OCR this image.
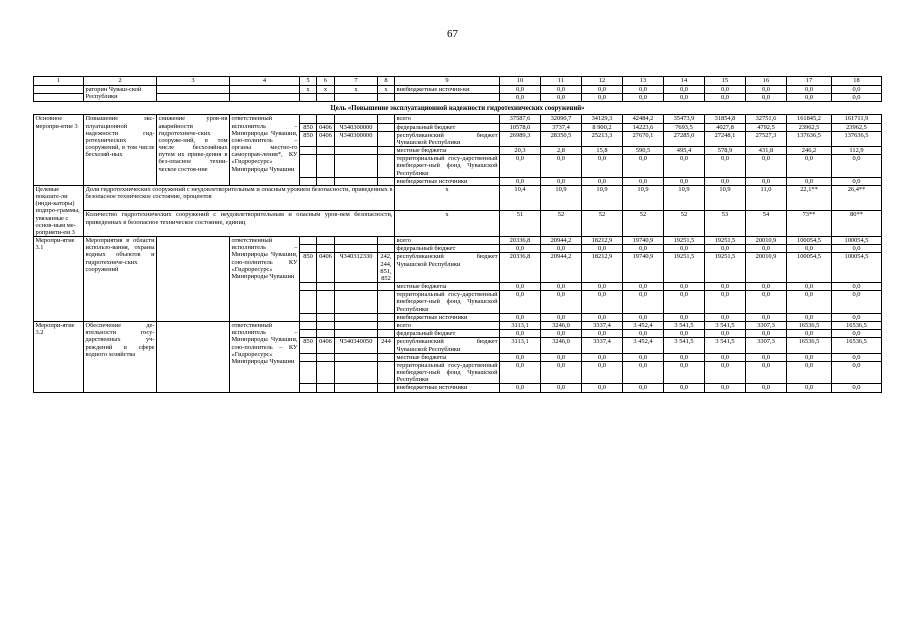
67
1	2	3	4	5	6	7	8	9	10	11	12	13	14	15	16	17	18
	раторин Чуваш-ской Республики			x	x	x	x	внебюджетные источни-ки	0,0	0,0	0,0	0,0	0,0	0,0	0,0	0,0	0,0
									0,0	0,0	0,0	0,0	0,0	0,0	0,0	0,0	0,0
Цель «Повышение эксплуатационной надежности гидротехнических сооружений»																	
Основное меропри-ятие 3	Повышение экс-плуатационной надежности гид-ротехнических сооружений, в том числе бесхозяй-ных	снижение уров-ня аварийности гидротехниче-ских сооруже-ний, в том числе бесхозяйных путем их приве-дения в без-опасное техни-ческое состоя-ние	ответственный исполнитель – Минприроды Чувашии, сою-полнитель – органы местно-го самоуправ-ления*, КУ «Гидроресурс» Минприроды Чувашии					всего	37587,6	32090,7	34129,3	42484,2	35473,9	31854,8	32751,6	161845,2	161711,9
				850	0406	Ч340300000		федеральный бюджет	10578,0	3737,4	8 900,2	14223,6	7693,5	4027,8	4792,5	23962,5	23962,5
				850	0406	Ч340300000		республиканский бюджет Чувашской Республики	26989,3	28350,5	25213,3	27670,1	27285,0	27248,1	27527,3	137636,5	137636,5
								местные бюджеты	20,3	2,8	15,8	590,5	495,4	578,9	431,8	246,2	112,9
								территориальный госу-дарственный внебюджет-ный фонд Чувашской Республики	0,0	0,0	0,0	0,0	0,0	0,0	0,0	0,0	0,0
								внебюджетные источники	0,0	0,0	0,0	0,0	0,0	0,0	0,0	0,0	0,0
Целевые показате-ли (инди-каторы) подпро-граммы, увязанные с основ-ным ме-роприяти-ем 3	Доля гидротехнических сооружений с неудовлетворительным и опасным уровнем безопасности, приведенных в безопасное техническое состояние, процентов							x	10,4	10,9	10,9	10,9	10,9	10,9	11,0	22,1**	26,4**
	Количество гидротехнических сооружений с неудовлетворительным и опасным уров-нем безопасности, приведенных в безопасное техническое состояние, единиц							x	51	52	52	52	52	53	54	73**	80**
Меропри-ятие 3.1	Мероприятия в области использо-вания, охраны водных объектов и гидротехниче-ских сооружений		ответственный исполнитель – Минприроды Чувашии, сою-полнитель КУ «Гидроресурс» Минприроды Чувашии					всего	20336,8	20944,2	18212,9	19740,9	19251,5	19251,5	20010,9	100054,5	100054,5
								федеральный бюджет	0,0	0,0	0,0	0,0	0,0	0,0	0,0	0,0	0,0
				850	0406	Ч340312330	242, 244, 851, 852	республиканский бюджет Чувашской Республики	20336,8	20944,2	18212,9	19740,9	19251,5	19251,5	20010,9	100054,5	100054,5
								местные бюджеты	0,0	0,0	0,0	0,0	0,0	0,0	0,0	0,0	0,0
								территориальный госу-дарственный внебюджет-ный фонд Чувашской Республики	0,0	0,0	0,0	0,0	0,0	0,0	0,0	0,0	0,0
								внебюджетные источники	0,0	0,0	0,0	0,0	0,0	0,0	0,0	0,0	0,0
Меропри-ятие 3.2	Обеспечение де-ятельности госу-дарственных уч-реждений в сфере водного хозяйства		ответственный исполнитель – Минприроды Чувашии, сою-полнитель – КУ «Гидроресурс» Минприроды Чувашии					всего	3113,1	3246,0	3337,4	3 452,4	3 541,5	3 541,5	3307,3	16536,5	16536,5
								федеральный бюджет	0,0	0,0	0,0	0,0	0,0	0,0	0,0	0,0	0,0
				850	0406	Ч340340050	244	республиканский бюджет Чувашской Республики	3113,1	3246,0	3337,4	3 452,4	3 541,5	3 541,5	3307,3	16536,5	16536,5
								местные бюджеты	0,0	0,0	0,0	0,0	0,0	0,0	0,0	0,0	0,0
								территориальный госу-дарственный внебюджет-ный фонд Чувашской Республики	0,0	0,0	0,0	0,0	0,0	0,0	0,0	0,0	0,0
								внебюджетные источники	0,0	0,0	0,0	0,0	0,0	0,0	0,0	0,0	0,0
